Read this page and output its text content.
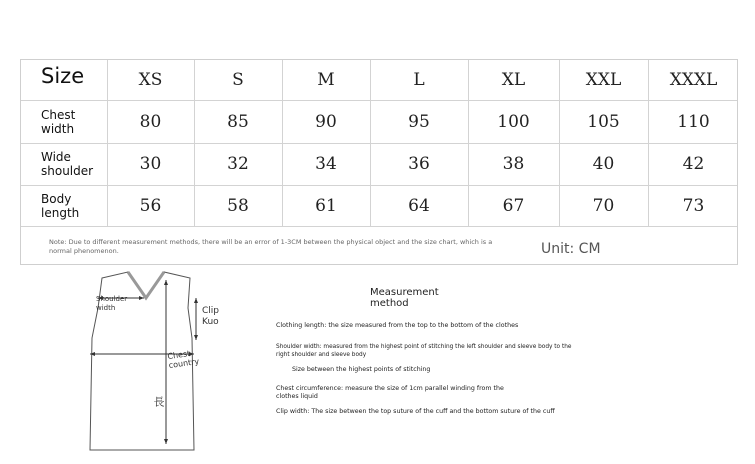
Size	XS	S	M	L	XL	XXL	XXXL
Chest
width	80	85	90	95	100	105	110
Wide
shoulder	30	32	34	36	38	40	42
Body
length	56	58	61	64	67	70	73
Note: Due to different measurement methods, there will be an error of 1-3CM between the physical object and the size chart, which is a normal phenomenon.	Unit: CM
Shoulder
width	Clip
Kuo
Chest
country
長
Measurement
method
Clothing length: the size measured from the top to the bottom of the clothes
Shoulder width: measured from the highest point of stitching the left shoulder and sleeve body to the right shoulder and sleeve body
Size between the highest points of stitching
Chest circumference: measure the size of 1cm parallel winding from the clothes liquid
Clip width: The size between the top suture of the cuff and the bottom suture of the cuff
